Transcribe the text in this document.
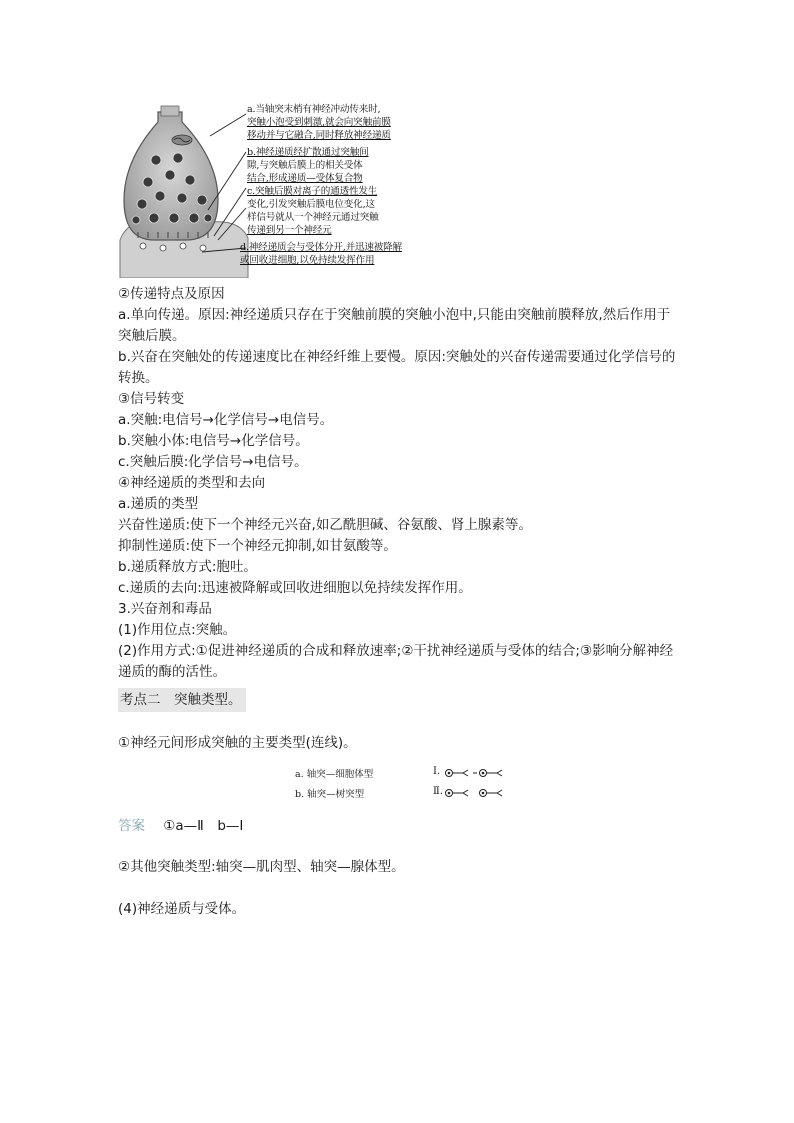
a.当轴突末梢有神经冲动传来时,
突触小泡受到刺激,就会向突触前膜
移动并与它融合,同时释放神经递质
b.神经递质经扩散通过突触间
隙,与突触后膜上的相关受体
结合,形成递质—受体复合物
c.突触后膜对离子的通透性发生
变化,引发突触后膜电位变化,这
样信号就从一个神经元通过突触
传递到另一个神经元
d.神经递质会与受体分开,并迅速被降解
或回收进细胞,以免持续发挥作用

②传递特点及原因

a.单向传递。原因:神经递质只存在于突触前膜的突触小泡中,只能由突触前膜释放,然后作用于突触后膜。

b.兴奋在突触处的传递速度比在神经纤维上要慢。原因:突触处的兴奋传递需要通过化学信号的转换。

③信号转变

a.突触:电信号→化学信号→电信号。

b.突触小体:电信号→化学信号。

c.突触后膜:化学信号→电信号。

④神经递质的类型和去向

a.递质的类型

兴奋性递质:使下一个神经元兴奋,如乙酰胆碱、谷氨酸、肾上腺素等。

抑制性递质:使下一个神经元抑制,如甘氨酸等。

b.递质释放方式:胞吐。

c.递质的去向:迅速被降解或回收进细胞以免持续发挥作用。

3.兴奋剂和毒品

(1)作用位点:突触。

(2)作用方式:①促进神经递质的合成和释放速率;②干扰神经递质与受体的结合;③影响分解神经递质的酶的活性。

考点二　突触类型。
①神经元间形成突触的主要类型(连线)。
a. 轴突—细胞体型
b. 轴突—树突型
Ⅰ.
Ⅱ.
答案 ①a—Ⅱ　b—Ⅰ
②其他突触类型:轴突—肌肉型、轴突—腺体型。
(4)神经递质与受体。
